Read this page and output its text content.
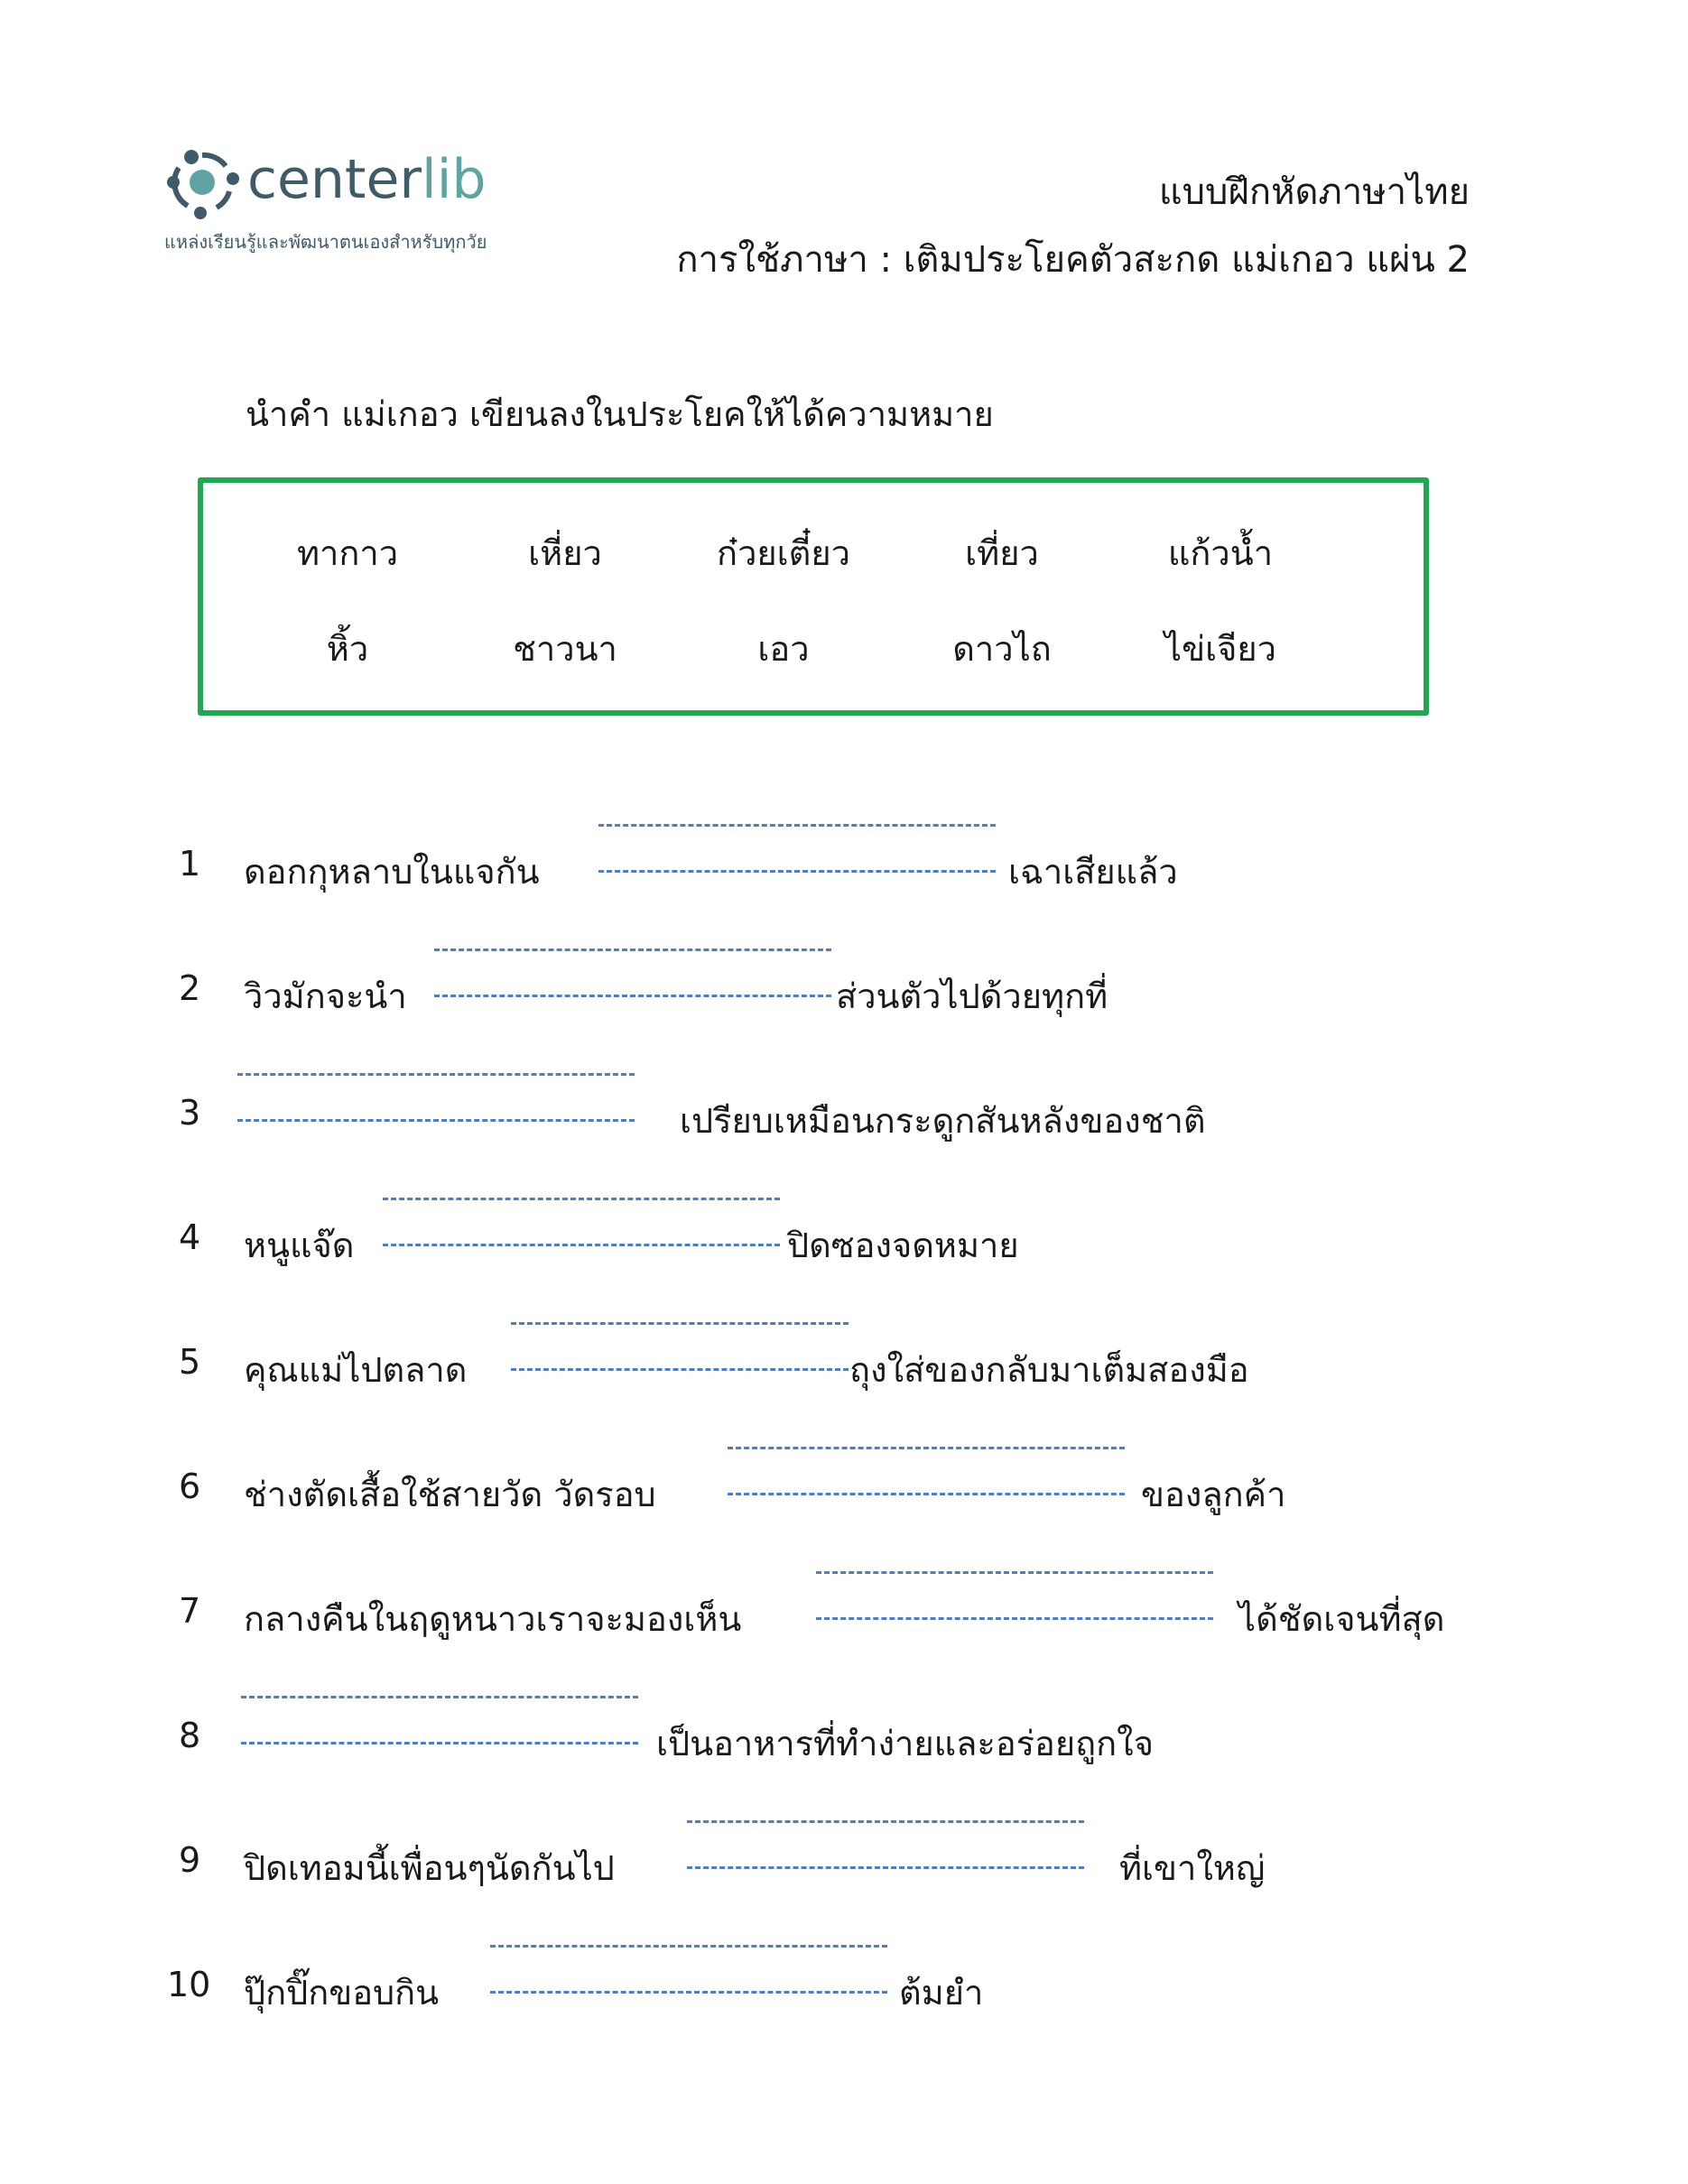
centerlib
แหล่งเรียนรู้และพัฒนาตนเองสำหรับทุกวัย
แบบฝึกหัดภาษาไทย
การใช้ภาษา : เติมประโยคตัวสะกด แม่เกอว แผ่น 2
นำคำ แม่เกอว เขียนลงในประโยคให้ได้ความหมาย
ทากาว	เหี่ยว	ก๋วยเตี๋ยว	เที่ยว	แก้วน้ำ
หิ้ว	ชาวนา	เอว	ดาวไถ	ไข่เจียว
1 ดอกกุหลาบในแจกัน	เฉาเสียแล้ว
2 วิวมักจะนำ	ส่วนตัวไปด้วยทุกที่
3	เปรียบเหมือนกระดูกสันหลังของชาติ
4 หนูแจ๊ด	ปิดซองจดหมาย
5 คุณแม่ไปตลาด	ถุงใส่ของกลับมาเต็มสองมือ
6 ช่างตัดเสื้อใช้สายวัด วัดรอบ	ของลูกค้า
7 กลางคืนในฤดูหนาวเราจะมองเห็น	ได้ชัดเจนที่สุด
8	เป็นอาหารที่ทำง่ายและอร่อยถูกใจ
9 ปิดเทอมนี้เพื่อนๆนัดกันไป	ที่เขาใหญ่
10 ปุ๊กปิ๊กขอบกิน	ต้มยำ
